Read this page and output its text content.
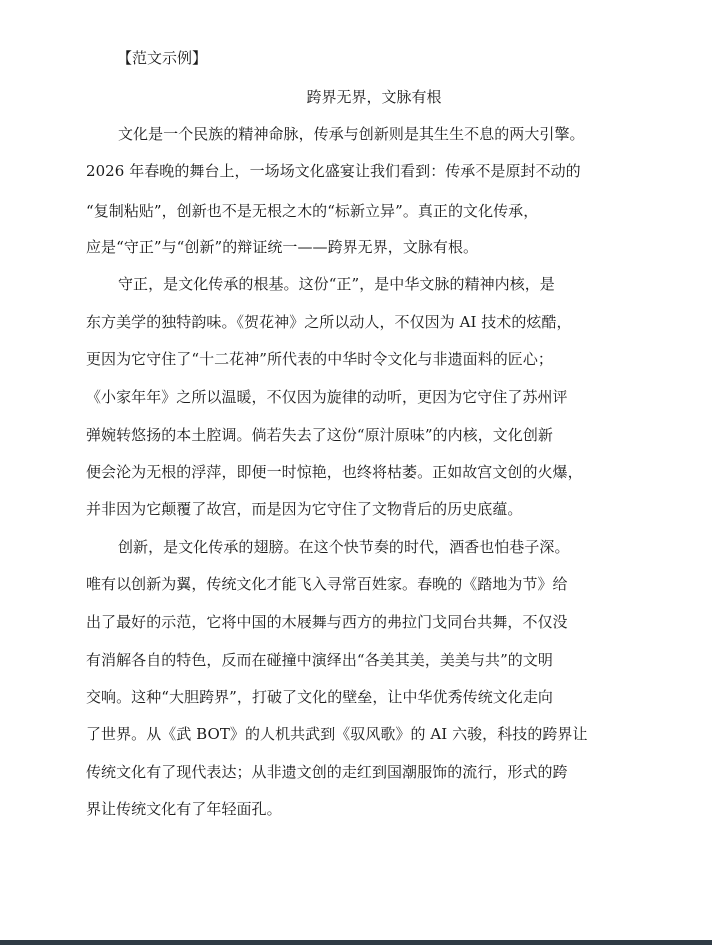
【范文示例】
跨界无界，文脉有根
文化是一个民族的精神命脉，传承与创新则是其生生不息的两大引擎。
2026 年春晚的舞台上，一场场文化盛宴让我们看到：传承不是原封不动的
“复制粘贴”，创新也不是无根之木的“标新立异”。真正的文化传承，
应是“守正”与“创新”的辩证统一——跨界无界，文脉有根。
守正，是文化传承的根基。这份“正”，是中华文脉的精神内核，是
东方美学的独特韵味。《贺花神》之所以动人，不仅因为 AI 技术的炫酷，
更因为它守住了“十二花神”所代表的中华时令文化与非遗面料的匠心；
《小家年年》之所以温暖，不仅因为旋律的动听，更因为它守住了苏州评
弹婉转悠扬的本土腔调。倘若失去了这份“原汁原味”的内核，文化创新
便会沦为无根的浮萍，即便一时惊艳，也终将枯萎。正如故宫文创的火爆，
并非因为它颠覆了故宫，而是因为它守住了文物背后的历史底蕴。
创新，是文化传承的翅膀。在这个快节奏的时代，酒香也怕巷子深。
唯有以创新为翼，传统文化才能飞入寻常百姓家。春晚的《踏地为节》给
出了最好的示范，它将中国的木屐舞与西方的弗拉门戈同台共舞，不仅没
有消解各自的特色，反而在碰撞中演绎出“各美其美，美美与共”的文明
交响。这种“大胆跨界”，打破了文化的壁垒，让中华优秀传统文化走向
了世界。从《武 BOT》的人机共武到《驭风歌》的 AI 六骏，科技的跨界让
传统文化有了现代表达；从非遗文创的走红到国潮服饰的流行，形式的跨
界让传统文化有了年轻面孔。
